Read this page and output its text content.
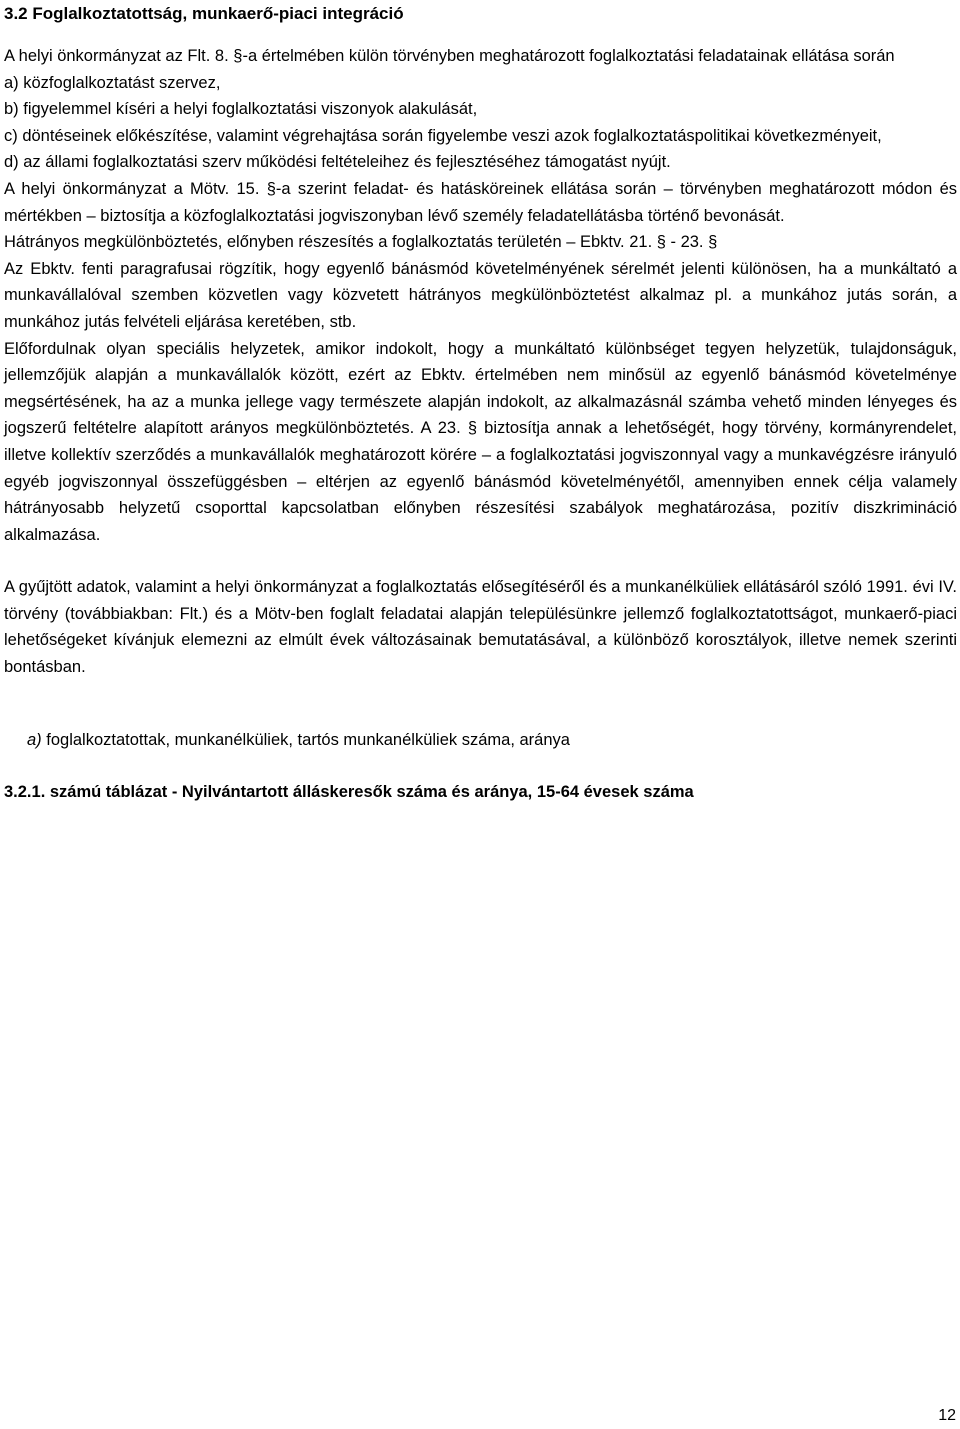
3.2 Foglalkoztatottság, munkaerő-piaci integráció

A helyi önkormányzat az Flt. 8. §-a értelmében külön törvényben meghatározott foglalkoztatási feladatainak ellátása során

a) közfoglalkoztatást szervez,

b) figyelemmel kíséri a helyi foglalkoztatási viszonyok alakulását,

c) döntéseinek előkészítése, valamint végrehajtása során figyelembe veszi azok foglalkoztatáspolitikai következményeit,

d) az állami foglalkoztatási szerv működési feltételeihez és fejlesztéséhez támogatást nyújt.

A helyi önkormányzat a Mötv. 15. §-a szerint feladat- és hatásköreinek ellátása során – törvényben meghatározott módon és mértékben – biztosítja a közfoglalkoztatási jogviszonyban lévő személy feladatellátásba történő bevonását.

Hátrányos megkülönböztetés, előnyben részesítés a foglalkoztatás területén – Ebktv. 21. § - 23. §

Az Ebktv. fenti paragrafusai rögzítik, hogy egyenlő bánásmód követelményének sérelmét jelenti különösen, ha a munkáltató a munkavállalóval szemben közvetlen vagy közvetett hátrányos megkülönböztetést alkalmaz pl. a munkához jutás során, a munkához jutás felvételi eljárása keretében, stb.

Előfordulnak olyan speciális helyzetek, amikor indokolt, hogy a munkáltató különbséget tegyen helyzetük, tulajdonságuk, jellemzőjük alapján a munkavállalók között, ezért az Ebktv. értelmében nem minősül az egyenlő bánásmód követelménye megsértésének, ha az a munka jellege vagy természete alapján indokolt, az alkalmazásnál számba vehető minden lényeges és jogszerű feltételre alapított arányos megkülönböztetés. A 23. § biztosítja annak a lehetőségét, hogy törvény, kormányrendelet, illetve kollektív szerződés a munkavállalók meghatározott körére – a foglalkoztatási jogviszonnyal vagy a munkavégzésre irányuló egyéb jogviszonnyal összefüggésben – eltérjen az egyenlő bánásmód követelményétől, amennyiben ennek célja valamely hátrányosabb helyzetű csoporttal kapcsolatban előnyben részesítési szabályok meghatározása, pozitív diszkrimináció alkalmazása.

A gyűjtött adatok, valamint a helyi önkormányzat a foglalkoztatás elősegítéséről és a munkanélküliek ellátásáról szóló 1991. évi IV. törvény (továbbiakban: Flt.) és a Mötv-ben foglalt feladatai alapján településünkre jellemző foglalkoztatottságot, munkaerő-piaci lehetőségeket kívánjuk elemezni az elmúlt évek változásainak bemutatásával, a különböző korosztályok, illetve nemek szerinti bontásban.

a) foglalkoztatottak, munkanélküliek, tartós munkanélküliek száma, aránya

3.2.1. számú táblázat - Nyilvántartott álláskeresők száma és aránya, 15-64 évesek száma

12
